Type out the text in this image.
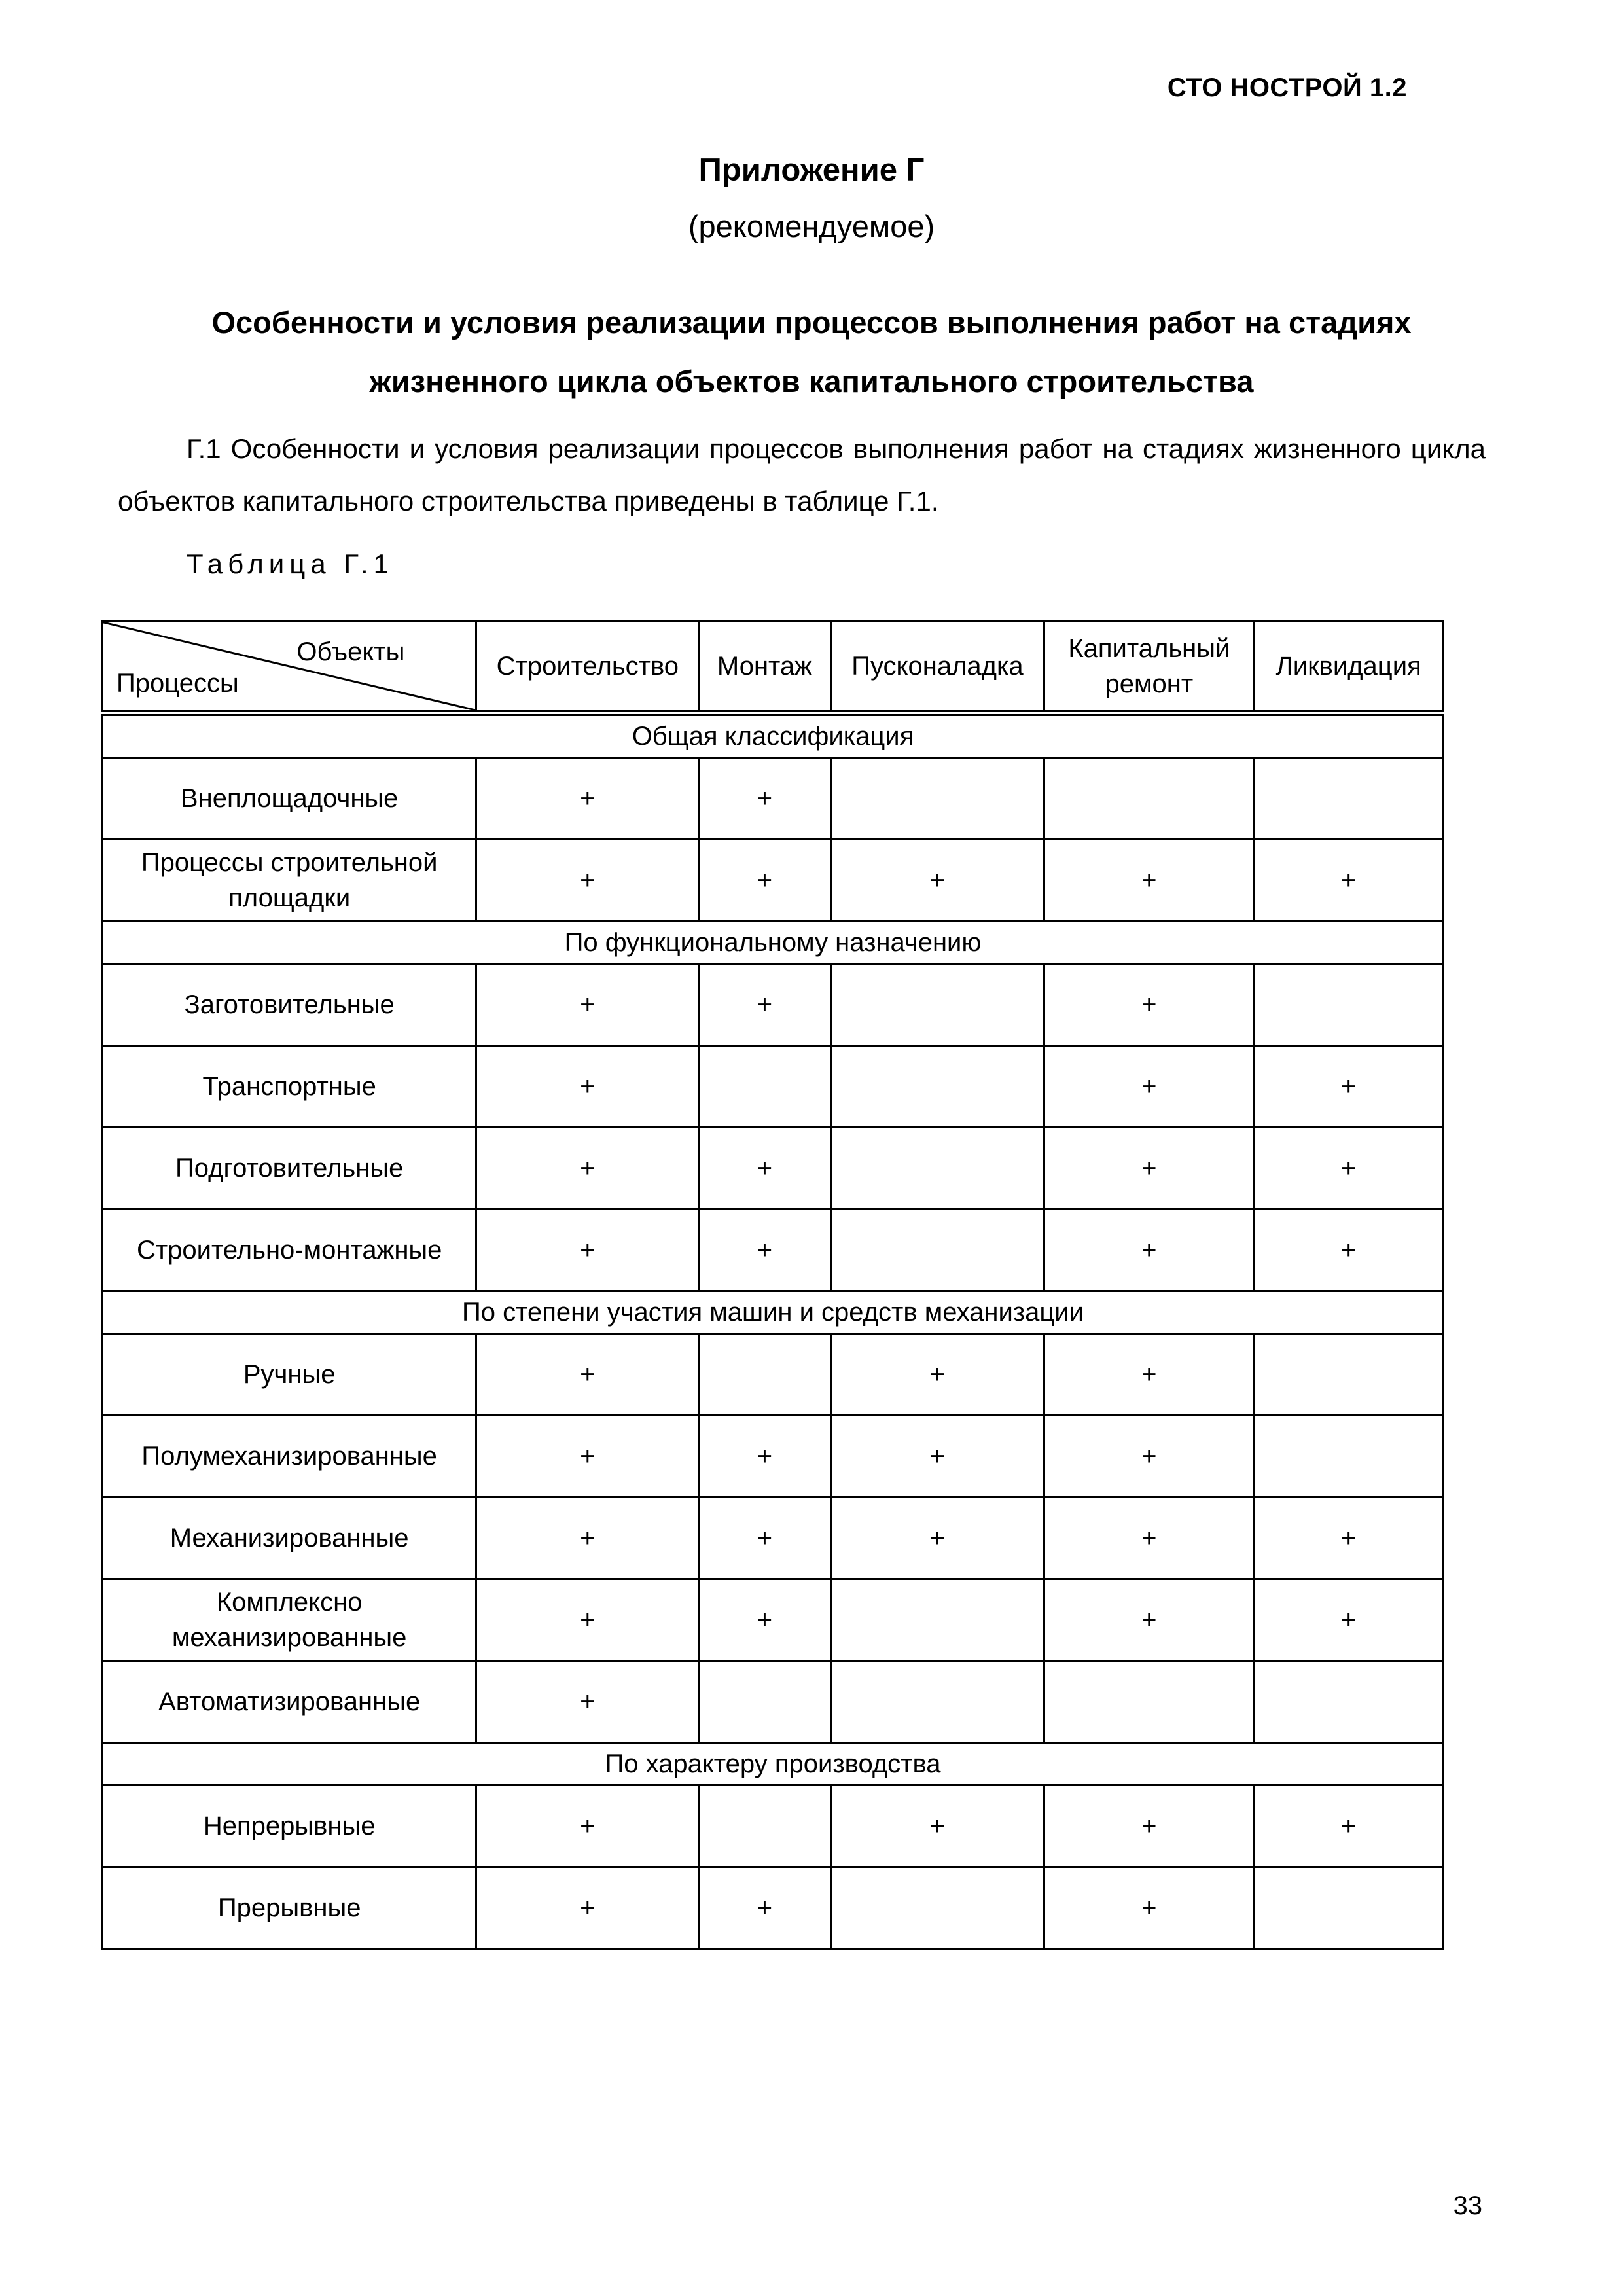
СТО НОСТРОЙ 1.2
Приложение Г
(рекомендуемое)
Особенности и условия реализации процессов выполнения работ на стадиях
жизненного цикла объектов капитального строительства
Г.1 Особенности и условия реализации процессов выполнения работ на стадиях жизненного цикла объектов капитального строительства приведены в таблице Г.1.
Таблица Г.1
Объекты
Процессы	Строительство	Монтаж	Пусконаладка	Капитальный ремонт	Ликвидация
Общая классификация					
Внеплощадочные	+	+			
Процессы строительной площадки	+	+	+	+	+
По функциональному назначению					
Заготовительные	+	+		+	
Транспортные	+			+	+
Подготовительные	+	+		+	+
Строительно-монтажные	+	+		+	+
По степени участия машин и средств механизации					
Ручные	+		+	+	
Полумеханизированные	+	+	+	+	
Механизированные	+	+	+	+	+
Комплексно механизированные	+	+		+	+
Автоматизированные	+				
По характеру производства					
Непрерывные	+		+	+	+
Прерывные	+	+		+	
33
